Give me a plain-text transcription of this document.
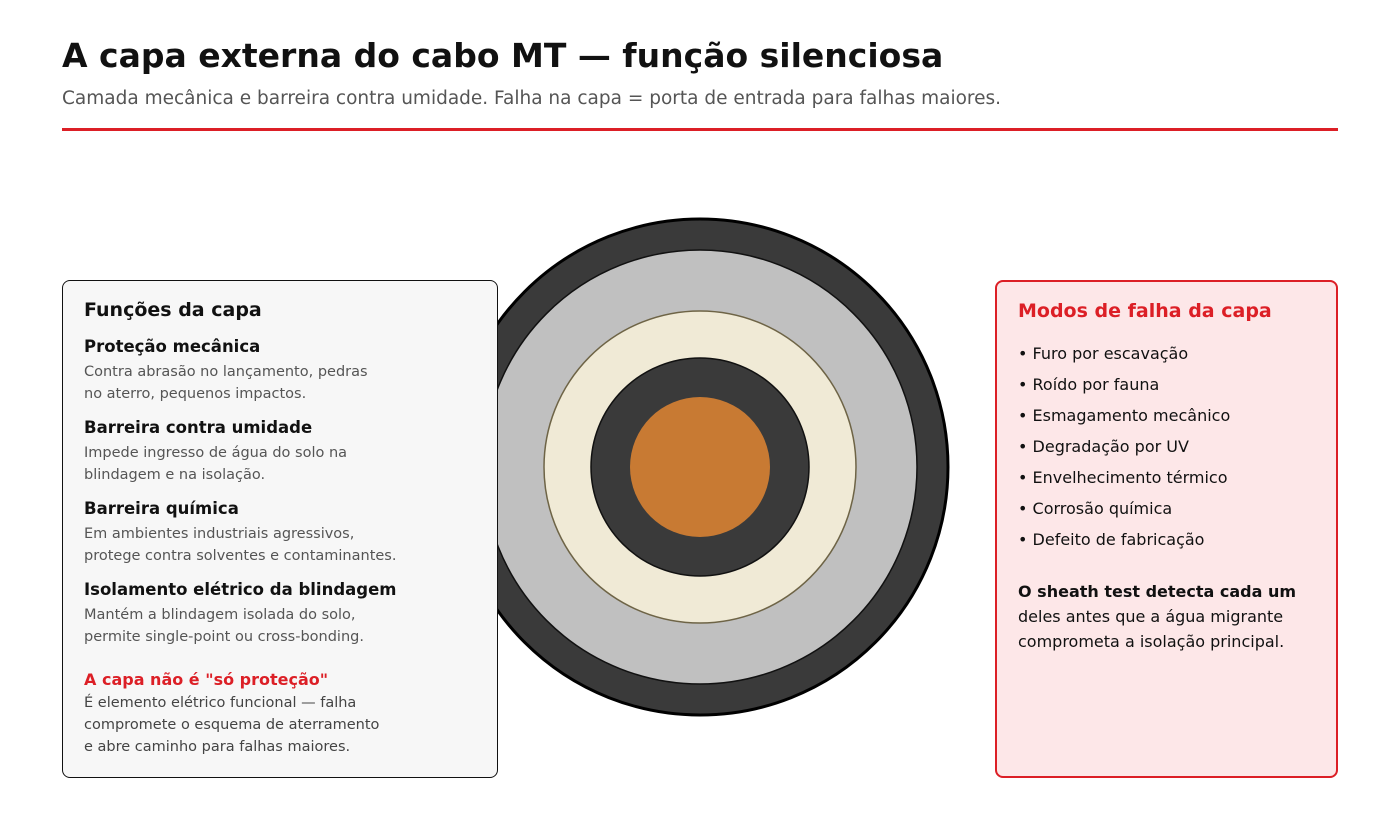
A capa externa do cabo MT — função silenciosa
Camada mecânica e barreira contra umidade. Falha na capa = porta de entrada para falhas maiores.
Funções da capa
Proteção mecânica
Contra abrasão no lançamento, pedras
no aterro, pequenos impactos.
Barreira contra umidade
Impede ingresso de água do solo na
blindagem e na isolação.
Barreira química
Em ambientes industriais agressivos,
protege contra solventes e contaminantes.
Isolamento elétrico da blindagem
Mantém a blindagem isolada do solo,
permite single-point ou cross-bonding.
A capa não é "só proteção"
É elemento elétrico funcional — falha
compromete o esquema de aterramento
e abre caminho para falhas maiores.
Modos de falha da capa
• Furo por escavação
• Roído por fauna
• Esmagamento mecânico
• Degradação por UV
• Envelhecimento térmico
• Corrosão química
• Defeito de fabricação
O sheath test detecta cada um
deles antes que a água migrante
comprometa a isolação principal.
